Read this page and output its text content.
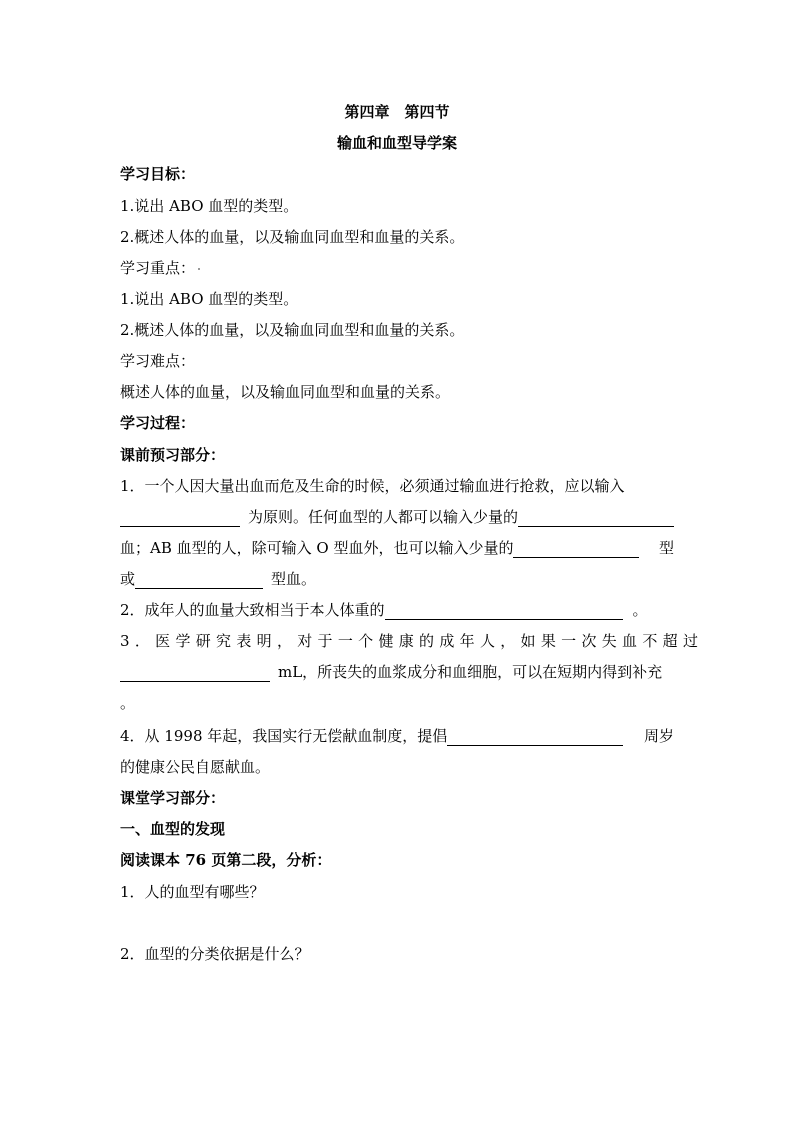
第四章　第四节
输血和血型导学案
学习目标：
1.说出 ABO 血型的类型。
2.概述人体的血量，以及输血同血型和血量的关系。
学习重点：
1.说出 ABO 血型的类型。
2.概述人体的血量，以及输血同血型和血量的关系。
学习难点：
概述人体的血量，以及输血同血型和血量的关系。
学习过程：
课前预习部分：
1．一个人因大量出血而危及生命的时候，必须通过输血进行抢救，应以输入
为原则。任何血型的人都可以输入少量的
血；AB 血型的人，除可输入 O 型血外，也可以输入少量的	型
或	型血。
2．成年人的血量大致相当于本人体重的	。
3．医学研究表明，对于一个健康的成年人，如果一次失血不超过
mL，所丧失的血浆成分和血细胞，可以在短期内得到补充
。
4．从 1998 年起，我国实行无偿献血制度，提倡	周岁
的健康公民自愿献血。
课堂学习部分：
一、血型的发现
阅读课本 76 页第二段，分析：
1．人的血型有哪些？
2．血型的分类依据是什么？
